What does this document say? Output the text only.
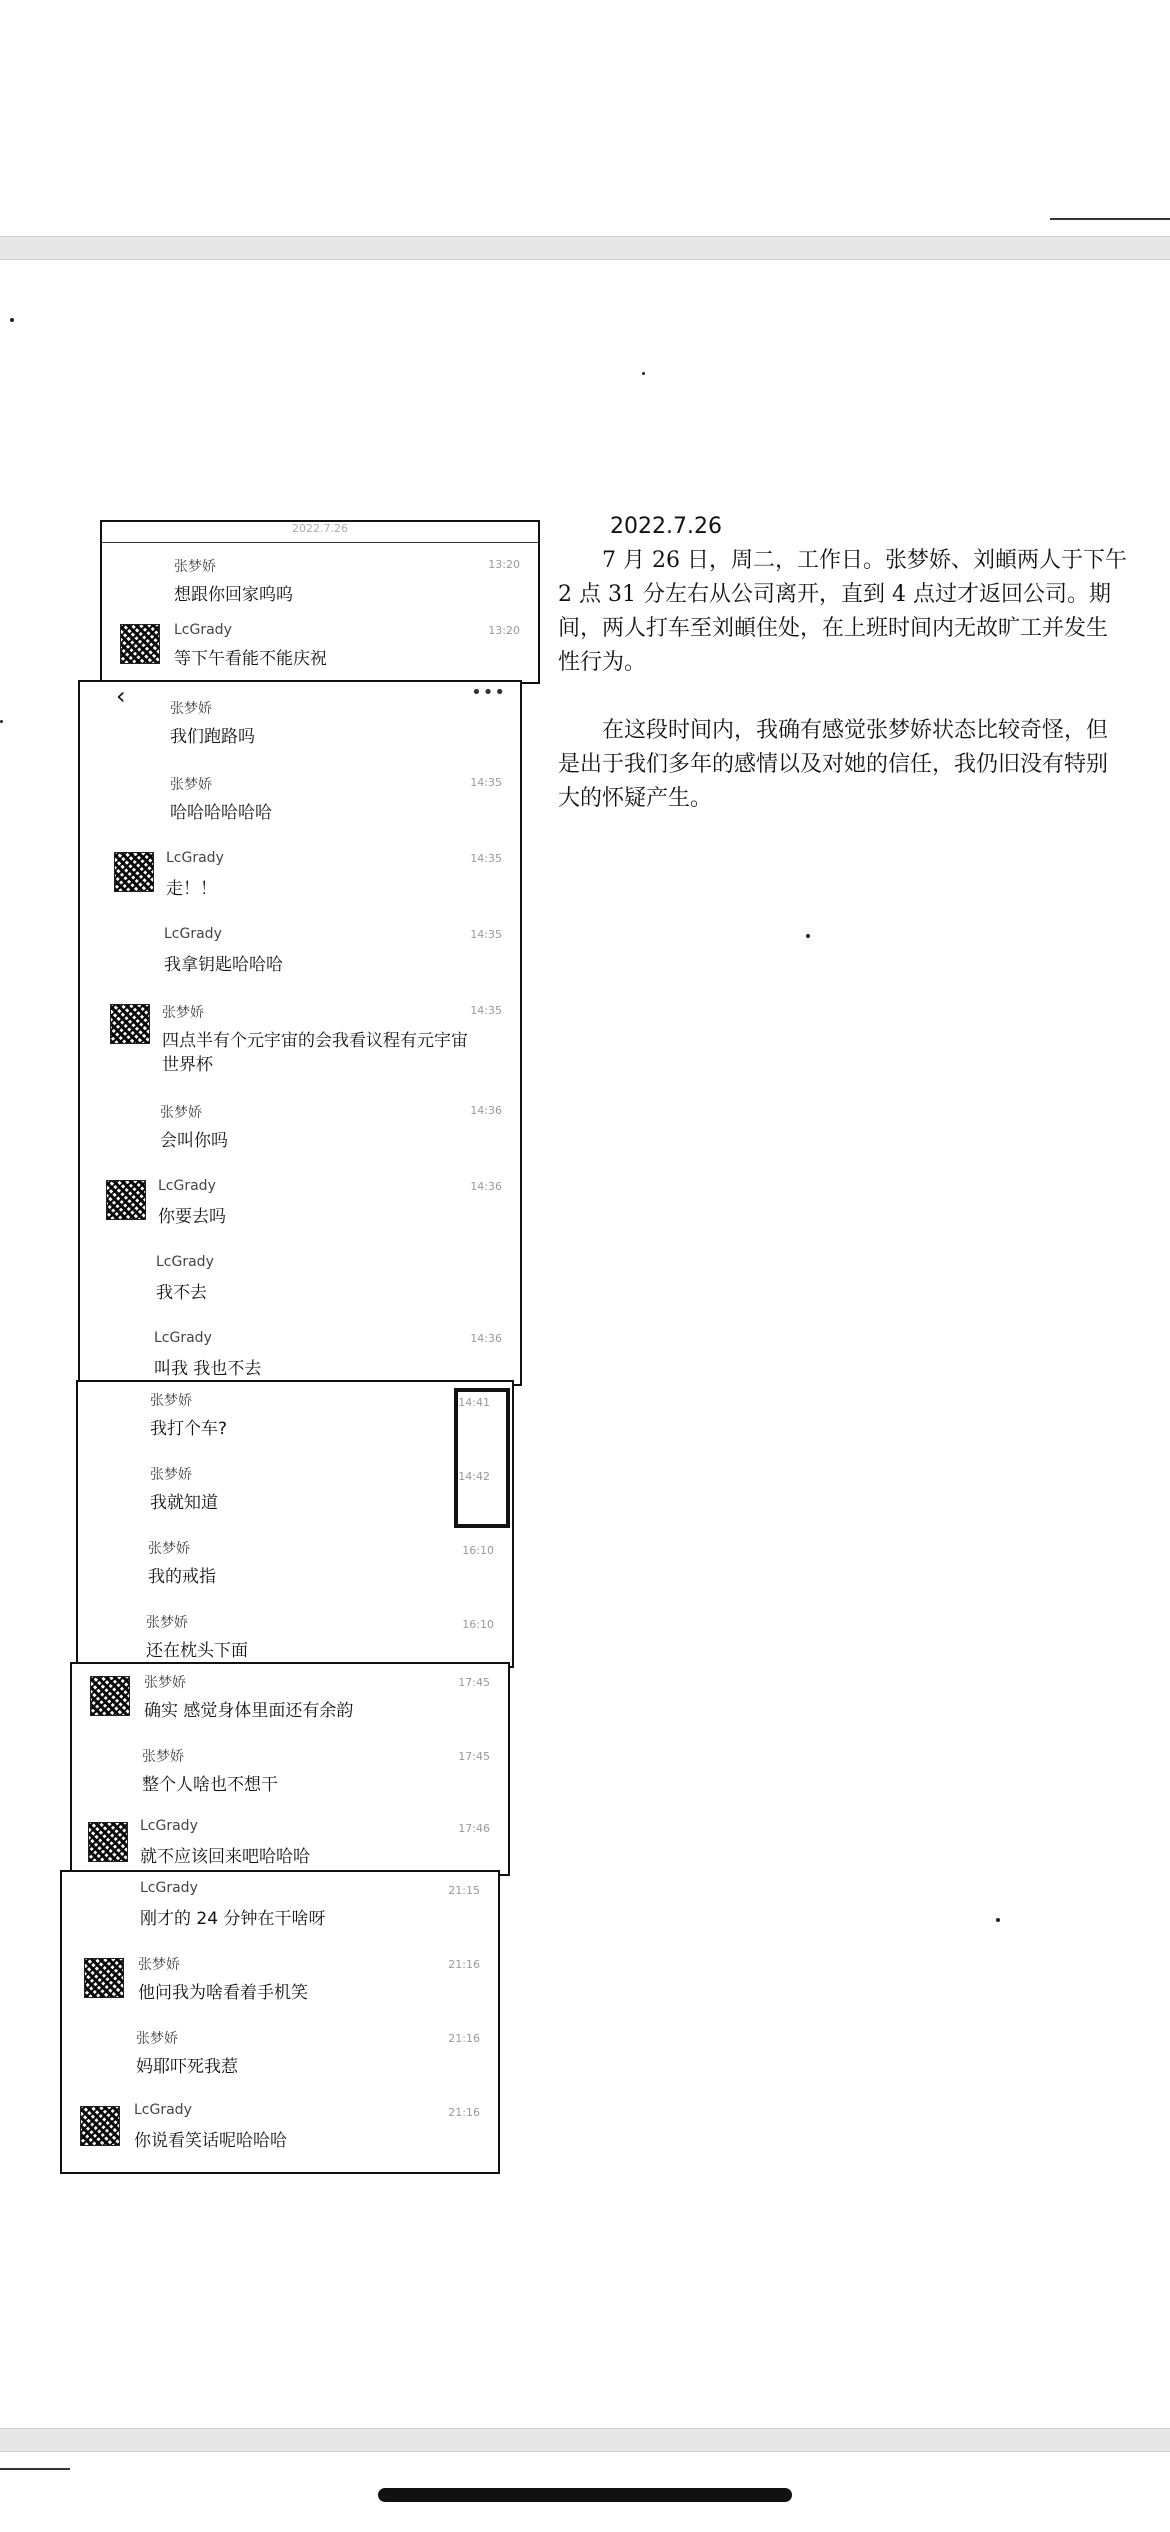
2022.7.26

7 月 26 日，周二，工作日。张梦娇、刘頔两人于下午 2 点 31 分左右从公司离开，直到 4 点过才返回公司。期间，两人打车至刘頔住处，在上班时间内无故旷工并发生性行为。

在这段时间内，我确有感觉张梦娇状态比较奇怪，但是出于我们多年的感情以及对她的信任，我仍旧没有特别大的怀疑产生。

2022.7.26
张梦娇
想跟你回家呜呜
13:20
LcGrady
等下午看能不能庆祝
13:20
‹	•••
张梦娇
我们跑路吗
张梦娇
哈哈哈哈哈哈
14:35
LcGrady
走！！
14:35
LcGrady
我拿钥匙哈哈哈
14:35
张梦娇
四点半有个元宇宙的会我看议程有元宇宙
世界杯
14:35
张梦娇
会叫你吗
14:36
LcGrady
你要去吗
14:36
LcGrady
我不去
LcGrady
叫我 我也不去
14:36
张梦娇
我打个车?
14:41
张梦娇
我就知道
14:42
张梦娇
我的戒指
16:10
张梦娇
还在枕头下面
16:10
张梦娇
确实 感觉身体里面还有余韵
17:45
张梦娇
整个人啥也不想干
17:45
LcGrady
就不应该回来吧哈哈哈
17:46
LcGrady
刚才的 24 分钟在干啥呀
21:15
张梦娇
他问我为啥看着手机笑
21:16
张梦娇
妈耶吓死我惹
21:16
LcGrady
你说看笑话呢哈哈哈
21:16
